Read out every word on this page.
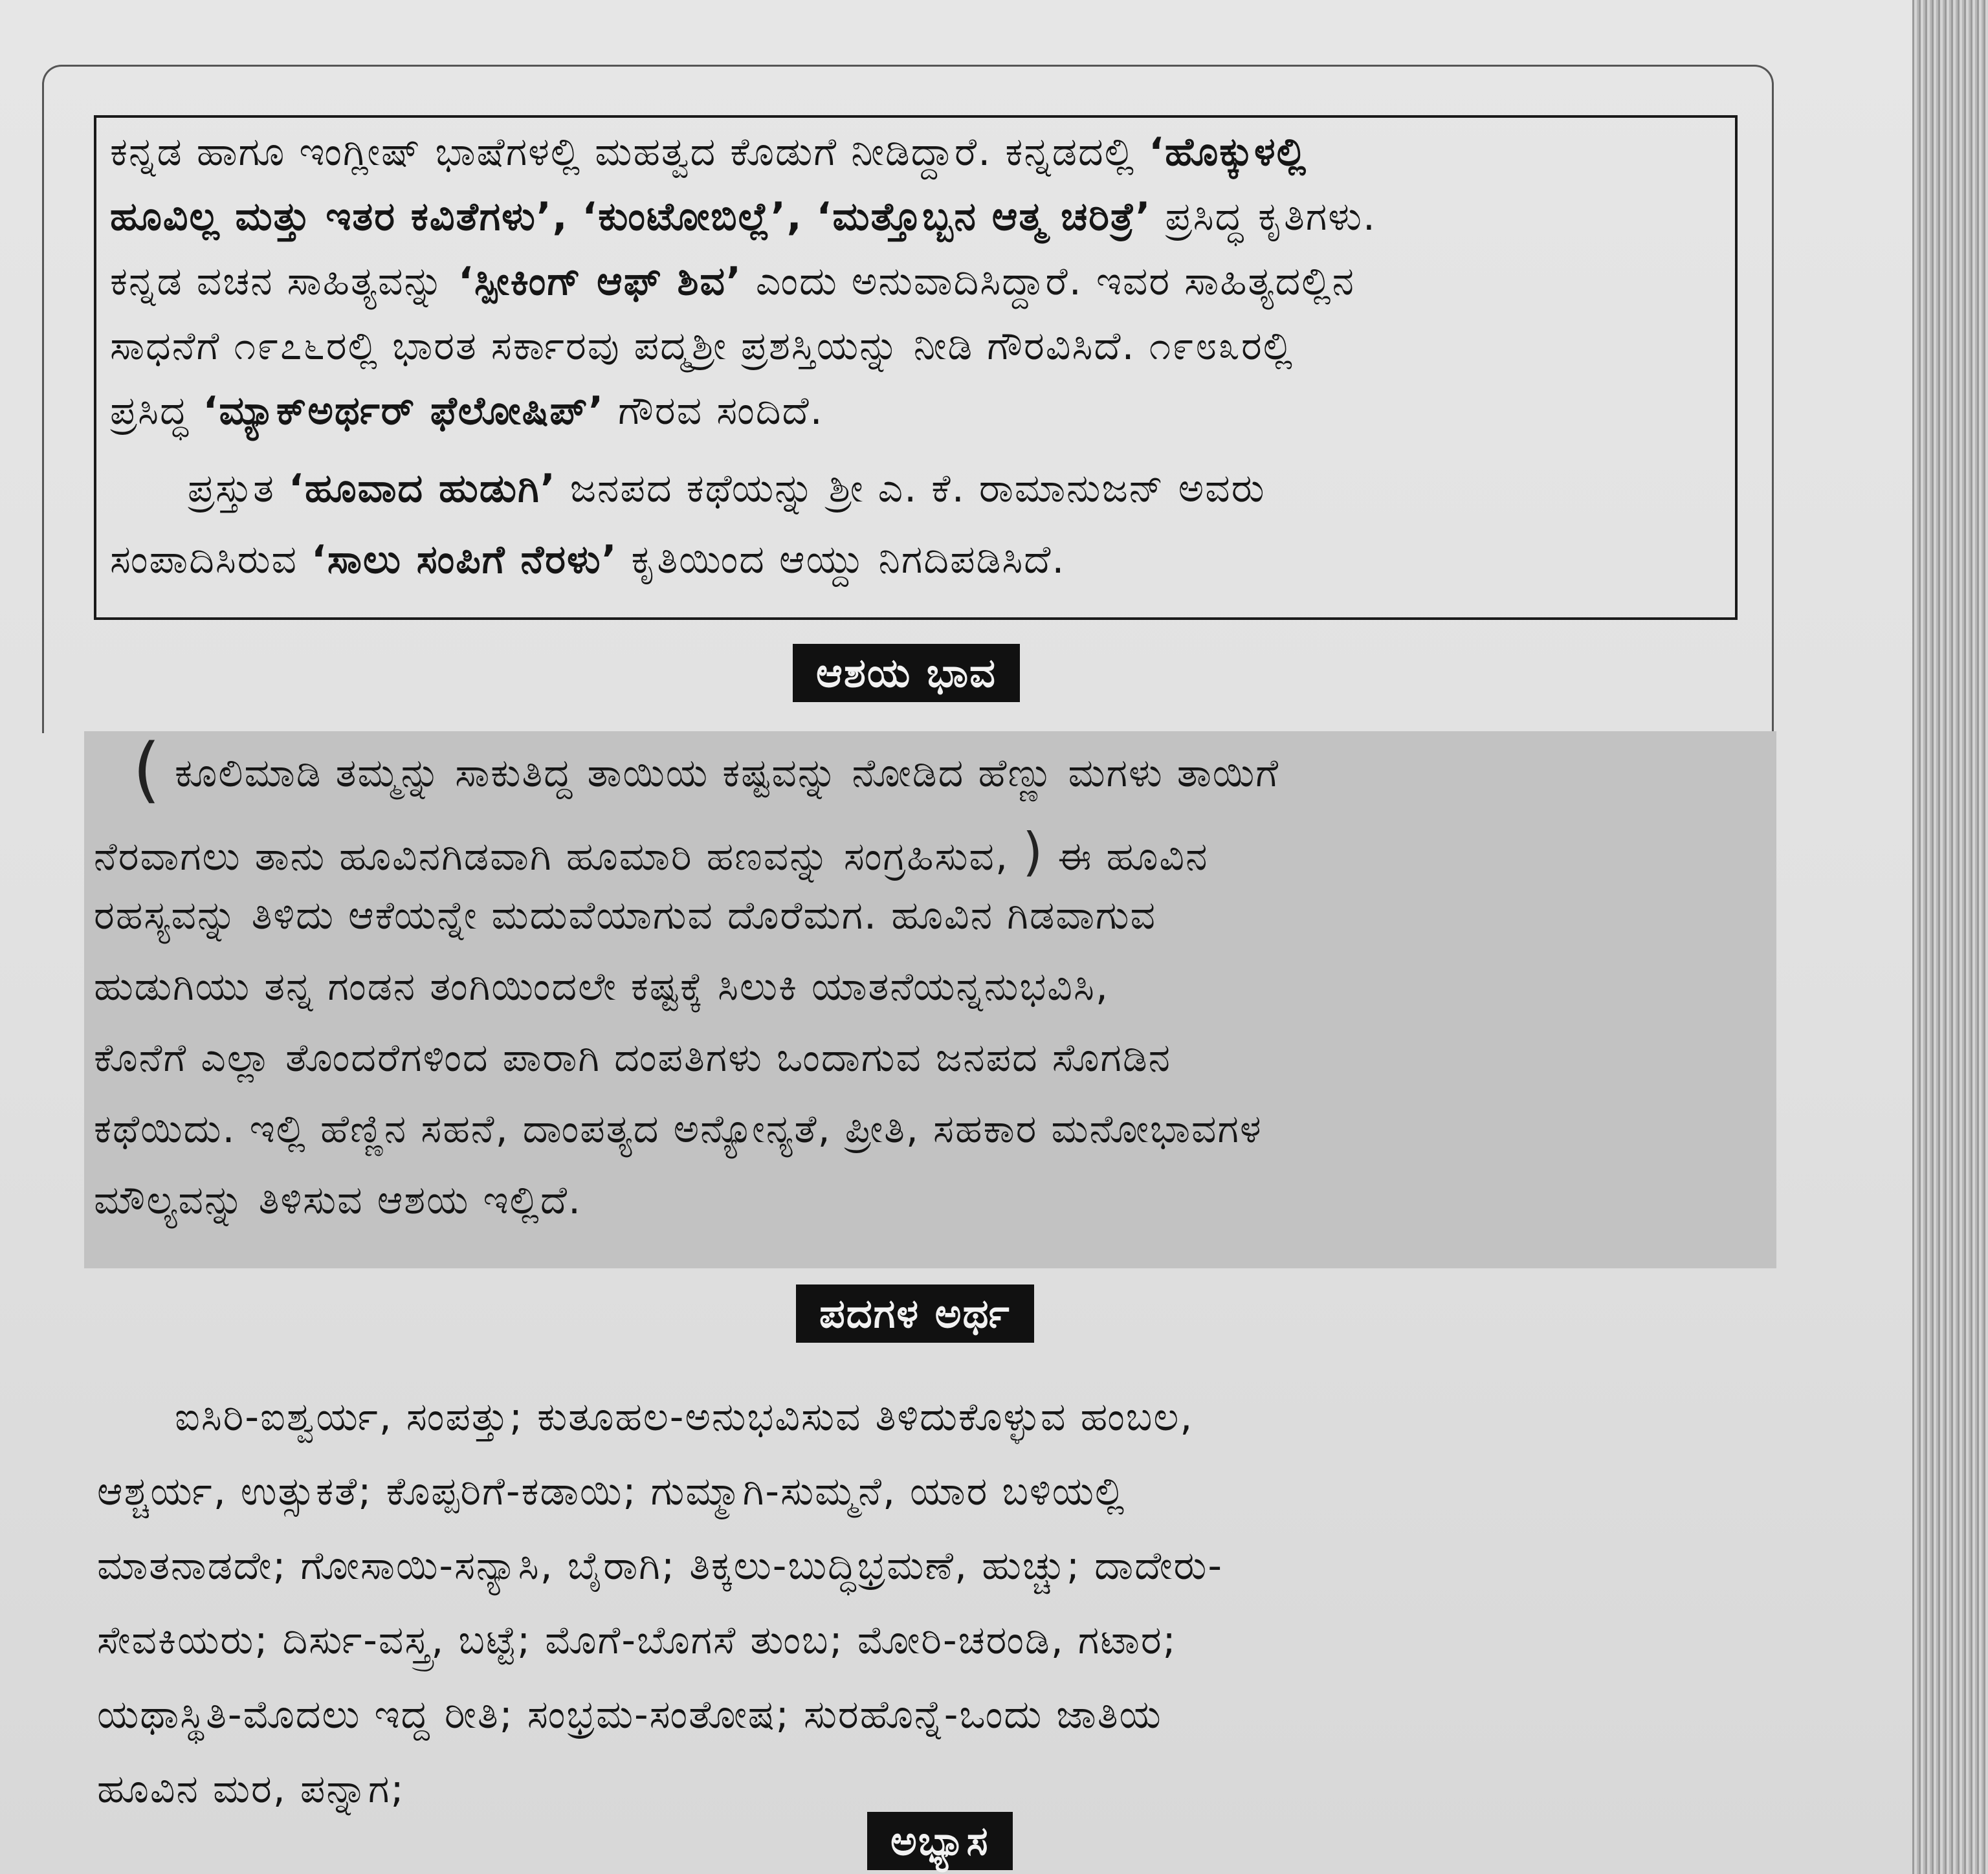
ಕನ್ನಡ ಹಾಗೂ ಇಂಗ್ಲೀಷ್ ಭಾಷೆಗಳಲ್ಲಿ ಮಹತ್ವದ ಕೊಡುಗೆ ನೀಡಿದ್ದಾರೆ. ಕನ್ನಡದಲ್ಲಿ ‘ಹೊಕ್ಕುಳಲ್ಲಿ
ಹೂವಿಲ್ಲ ಮತ್ತು ಇತರ ಕವಿತೆಗಳು’, ‘ಕುಂಟೋಬಿಲ್ಲೆ’, ‘ಮತ್ತೊಬ್ಬನ ಆತ್ಮ ಚರಿತ್ರೆ’ ಪ್ರಸಿದ್ಧ ಕೃತಿಗಳು.
ಕನ್ನಡ ವಚನ ಸಾಹಿತ್ಯವನ್ನು ‘ಸ್ಪೀಕಿಂಗ್ ಆಫ್ ಶಿವ’ ಎಂದು ಅನುವಾದಿಸಿದ್ದಾರೆ. ಇವರ ಸಾಹಿತ್ಯದಲ್ಲಿನ
ಸಾಧನೆಗೆ ೧೯೭೬ರಲ್ಲಿ ಭಾರತ ಸರ್ಕಾರವು ಪದ್ಮಶ್ರೀ ಪ್ರಶಸ್ತಿಯನ್ನು ನೀಡಿ ಗೌರವಿಸಿದೆ. ೧೯೮೩ರಲ್ಲಿ
ಪ್ರಸಿದ್ಧ ‘ಮ್ಯಾಕ್‌ಅರ್ಥರ್ ಫೆಲೋಷಿಪ್’ ಗೌರವ ಸಂದಿದೆ.
ಪ್ರಸ್ತುತ ‘ಹೂವಾದ ಹುಡುಗಿ’ ಜನಪದ ಕಥೆಯನ್ನು ಶ್ರೀ ಎ. ಕೆ. ರಾಮಾನುಜನ್ ಅವರು
ಸಂಪಾದಿಸಿರುವ ‘ಸಾಲು ಸಂಪಿಗೆ ನೆರಳು’ ಕೃತಿಯಿಂದ ಆಯ್ದು ನಿಗದಿಪಡಿಸಿದೆ.
ಆಶಯ ಭಾವ
( ಕೂಲಿಮಾಡಿ ತಮ್ಮನ್ನು ಸಾಕುತಿದ್ದ ತಾಯಿಯ ಕಷ್ಟವನ್ನು ನೋಡಿದ ಹೆಣ್ಣು ಮಗಳು ತಾಯಿಗೆ
ನೆರವಾಗಲು ತಾನು ಹೂವಿನಗಿಡವಾಗಿ ಹೂಮಾರಿ ಹಣವನ್ನು ಸಂಗ್ರಹಿಸುವ, ) ಈ ಹೂವಿನ
ರಹಸ್ಯವನ್ನು ತಿಳಿದು ಆಕೆಯನ್ನೇ ಮದುವೆಯಾಗುವ ದೊರೆಮಗ. ಹೂವಿನ ಗಿಡವಾಗುವ
ಹುಡುಗಿಯು ತನ್ನ ಗಂಡನ ತಂಗಿಯಿಂದಲೇ ಕಷ್ಟಕ್ಕೆ ಸಿಲುಕಿ ಯಾತನೆಯನ್ನನುಭವಿಸಿ,
ಕೊನೆಗೆ ಎಲ್ಲಾ ತೊಂದರೆಗಳಿಂದ ಪಾರಾಗಿ ದಂಪತಿಗಳು ಒಂದಾಗುವ ಜನಪದ ಸೊಗಡಿನ
ಕಥೆಯಿದು. ಇಲ್ಲಿ ಹೆಣ್ಣಿನ ಸಹನೆ, ದಾಂಪತ್ಯದ ಅನ್ಯೋನ್ಯತೆ, ಪ್ರೀತಿ, ಸಹಕಾರ ಮನೋಭಾವಗಳ
ಮೌಲ್ಯವನ್ನು ತಿಳಿಸುವ ಆಶಯ ಇಲ್ಲಿದೆ.
ಪದಗಳ ಅರ್ಥ
ಐಸಿರಿ-ಐಶ್ವರ್ಯ, ಸಂಪತ್ತು; ಕುತೂಹಲ-ಅನುಭವಿಸುವ ತಿಳಿದುಕೊಳ್ಳುವ ಹಂಬಲ,
ಆಶ್ಚರ್ಯ, ಉತ್ಸುಕತೆ; ಕೊಪ್ಪರಿಗೆ-ಕಡಾಯಿ; ಗುಮ್ಮಾಗಿ-ಸುಮ್ಮನೆ, ಯಾರ ಬಳಿಯಲ್ಲಿ
ಮಾತನಾಡದೇ; ಗೋಸಾಯಿ-ಸನ್ಯಾಸಿ, ಬೈರಾಗಿ; ತಿಕ್ಕಲು-ಬುದ್ಧಿಭ್ರಮಣೆ, ಹುಚ್ಚು; ದಾದೇರು-
ಸೇವಕಿಯರು; ದಿರ್ಸು-ವಸ್ತ್ರ, ಬಟ್ಟೆ; ಮೊಗೆ-ಬೊಗಸೆ ತುಂಬ; ಮೋರಿ-ಚರಂಡಿ, ಗಟಾರ;
ಯಥಾಸ್ಥಿತಿ-ಮೊದಲು ಇದ್ದ ರೀತಿ; ಸಂಭ್ರಮ-ಸಂತೋಷ; ಸುರಹೊನ್ನೆ-ಒಂದು ಜಾತಿಯ
ಹೂವಿನ ಮರ, ಪನ್ನಾಗ;
ಅಭ್ಯಾಸ
